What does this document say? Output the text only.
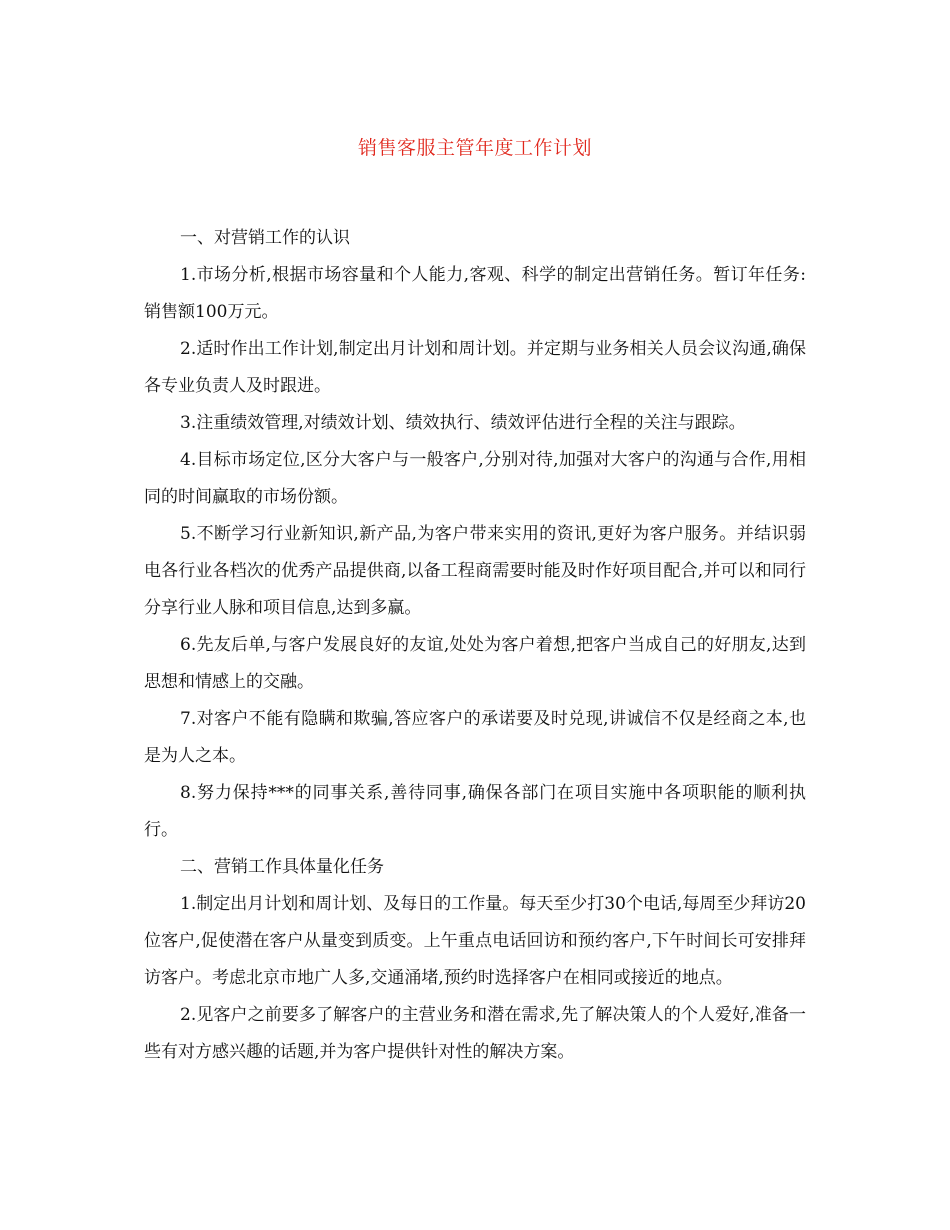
销售客服主管年度工作计划

一、对营销工作的认识

1.市场分析,根据市场容量和个人能力,客观、科学的制定出营销任务。暂订年任务:销售额100万元。

2.适时作出工作计划,制定出月计划和周计划。并定期与业务相关人员会议沟通,确保各专业负责人及时跟进。

3.注重绩效管理,对绩效计划、绩效执行、绩效评估进行全程的关注与跟踪。

4.目标市场定位,区分大客户与一般客户,分别对待,加强对大客户的沟通与合作,用相同的时间赢取的市场份额。

5.不断学习行业新知识,新产品,为客户带来实用的资讯,更好为客户服务。并结识弱电各行业各档次的优秀产品提供商,以备工程商需要时能及时作好项目配合,并可以和同行分享行业人脉和项目信息,达到多赢。

6.先友后单,与客户发展良好的友谊,处处为客户着想,把客户当成自己的好朋友,达到思想和情感上的交融。

7.对客户不能有隐瞒和欺骗,答应客户的承诺要及时兑现,讲诚信不仅是经商之本,也是为人之本。

8.努力保持***的同事关系,善待同事,确保各部门在项目实施中各项职能的顺利执行。

二、营销工作具体量化任务

1.制定出月计划和周计划、及每日的工作量。每天至少打30个电话,每周至少拜访20位客户,促使潜在客户从量变到质变。上午重点电话回访和预约客户,下午时间长可安排拜访客户。考虑北京市地广人多,交通涌堵,预约时选择客户在相同或接近的地点。

2.见客户之前要多了解客户的主营业务和潜在需求,先了解决策人的个人爱好,准备一些有对方感兴趣的话题,并为客户提供针对性的解决方案。
